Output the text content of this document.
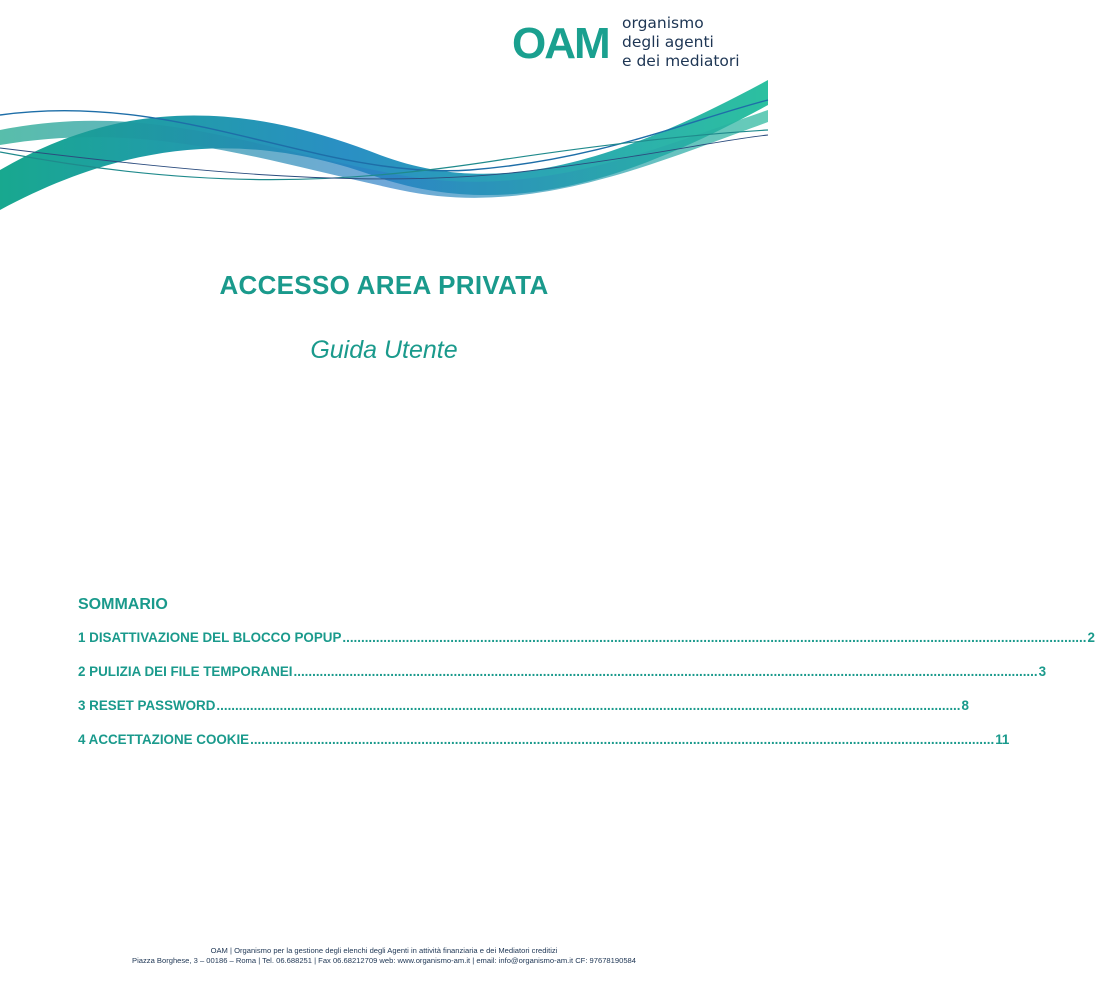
OAM organismo
degli agenti
e dei mediatori
ACCESSO AREA PRIVATA
Guida Utente
SOMMARIO
1 DISATTIVAZIONE DEL BLOCCO POPUP ........................................................................................................................................................................................................ 2
2 PULIZIA DEI FILE TEMPORANEI ........................................................................................................................................................................................................ 3
3 RESET PASSWORD ........................................................................................................................................................................................................ 8
4 ACCETTAZIONE COOKIE ........................................................................................................................................................................................................ 11
OAM | Organismo per la gestione degli elenchi degli Agenti in attività finanziaria e dei Mediatori creditizi
Piazza Borghese, 3 – 00186 – Roma | Tel. 06.688251 | Fax 06.68212709 web: www.organismo-am.it | email: info@organismo-am.it CF: 97678190584
